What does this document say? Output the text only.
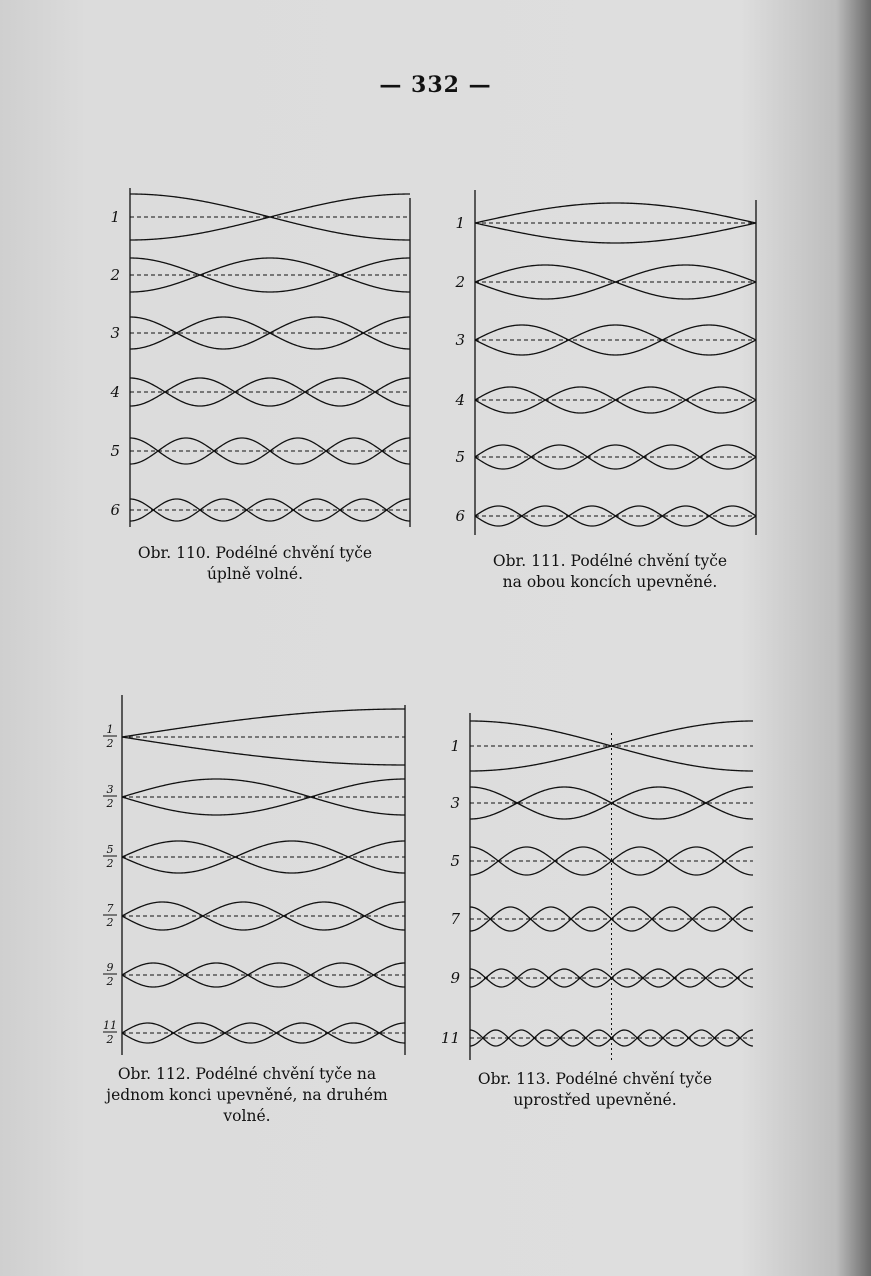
— 332 —
1
2
3
4
5
6
Obr. 110. Podélné chvění tyče
úplně volné.
1
2
3
4
5
6
Obr. 111. Podélné chvění tyče
na obou koncích upevněné.
1
2
3
2
5
2
7
2
9
2
11
2
Obr. 112. Podélné chvění tyče na
jednom konci upevněné, na druhém
volné.
1
3
5
7
9
11
Obr. 113. Podélné chvění tyče
uprostřed upevněné.
